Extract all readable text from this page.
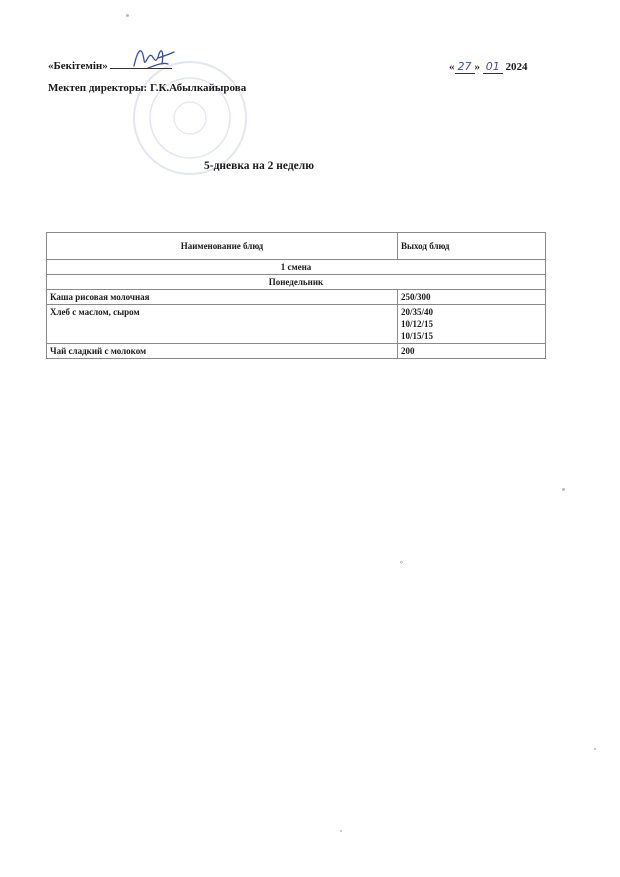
«Бекітемін»	« 27 » 01 2024
Мектеп директоры: Г.К.Абылкайырова
5-дневка на 2 неделю
Наименование блюд	Выход блюд
1 смена	
Понедельник	
Каша рисовая молочная	250/300
Хлеб с маслом, сыром	20/35/40
10/12/15
10/15/15

Чай сладкий с молоком	200
°
